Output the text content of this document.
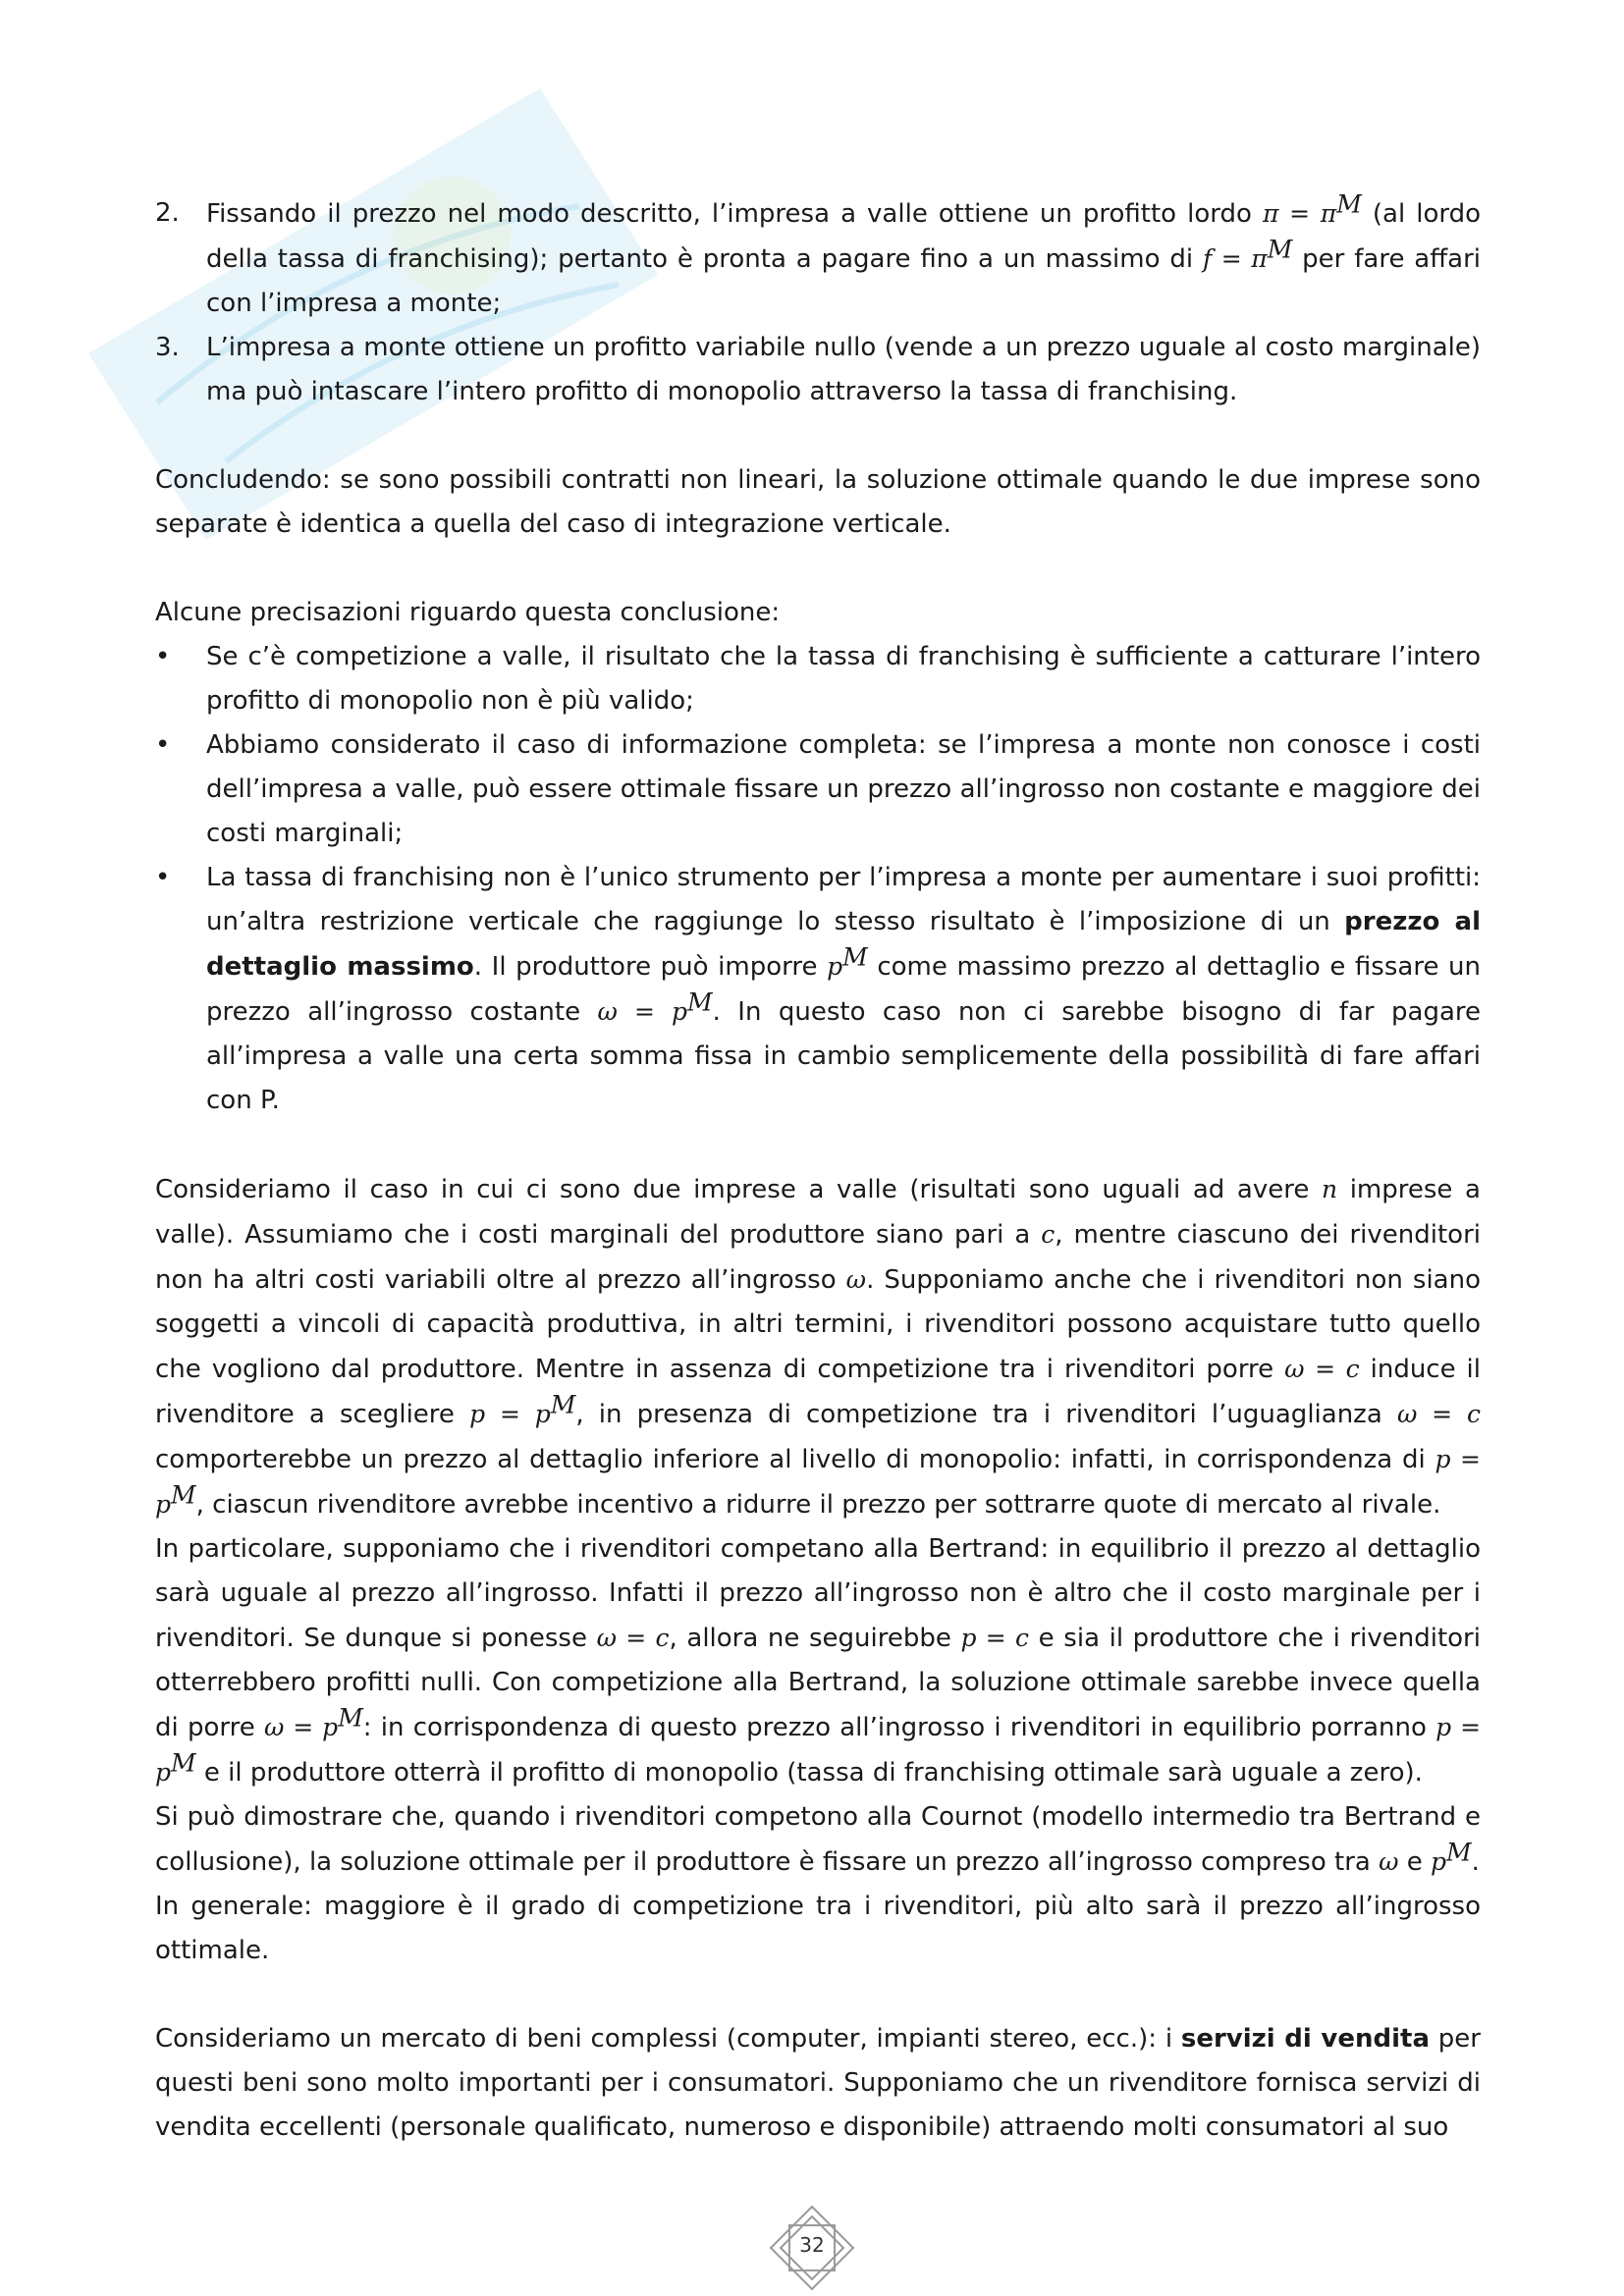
2. Fissando il prezzo nel modo descritto, l’impresa a valle ottiene un profitto lordo $\pi = \pi^M$ (al lordo della tassa di franchising); pertanto è pronta a pagare fino a un massimo di $f = \pi^M$ per fare affari con l’impresa a monte;

3. L’impresa a monte ottiene un profitto variabile nullo (vende a un prezzo uguale al costo marginale) ma può intascare l’intero profitto di monopolio attraverso la tassa di franchising.

Concludendo: se sono possibili contratti non lineari, la soluzione ottimale quando le due imprese sono separate è identica a quella del caso di integrazione verticale.

Alcune precisazioni riguardo questa conclusione:

• Se c’è competizione a valle, il risultato che la tassa di franchising è sufficiente a catturare l’intero profitto di monopolio non è più valido;

• Abbiamo considerato il caso di informazione completa: se l’impresa a monte non conosce i costi dell’impresa a valle, può essere ottimale fissare un prezzo all’ingrosso non costante e maggiore dei costi marginali;

• La tassa di franchising non è l’unico strumento per l’impresa a monte per aumentare i suoi profitti: un’altra restrizione verticale che raggiunge lo stesso risultato è l’imposizione di un prezzo al dettaglio massimo. Il produttore può imporre $p^M$ come massimo prezzo al dettaglio e fissare un prezzo all’ingrosso costante $\omega = p^M$. In questo caso non ci sarebbe bisogno di far pagare all’impresa a valle una certa somma fissa in cambio semplicemente della possibilità di fare affari con P.

Consideriamo il caso in cui ci sono due imprese a valle (risultati sono uguali ad avere n imprese a valle). Assumiamo che i costi marginali del produttore siano pari a c, mentre ciascuno dei rivenditori non ha altri costi variabili oltre al prezzo all’ingrosso ω. Supponiamo anche che i rivenditori non siano soggetti a vincoli di capacità produttiva, in altri termini, i rivenditori possono acquistare tutto quello che vogliono dal produttore. Mentre in assenza di competizione tra i rivenditori porre ω = c induce il rivenditore a scegliere $p = p^M$, in presenza di competizione tra i rivenditori l’uguaglianza ω = c comporterebbe un prezzo al dettaglio inferiore al livello di monopolio: infatti, in corrispondenza di $p = p^M$, ciascun rivenditore avrebbe incentivo a ridurre il prezzo per sottrarre quote di mercato al rivale.

In particolare, supponiamo che i rivenditori competano alla Bertrand: in equilibrio il prezzo al dettaglio sarà uguale al prezzo all’ingrosso. Infatti il prezzo all’ingrosso non è altro che il costo marginale per i rivenditori. Se dunque si ponesse ω = c, allora ne seguirebbe p = c e sia il produttore che i rivenditori otterrebbero profitti nulli. Con competizione alla Bertrand, la soluzione ottimale sarebbe invece quella di porre $\omega = p^M$: in corrispondenza di questo prezzo all’ingrosso i rivenditori in equilibrio porranno $p = p^M$ e il produttore otterrà il profitto di monopolio (tassa di franchising ottimale sarà uguale a zero).

Si può dimostrare che, quando i rivenditori competono alla Cournot (modello intermedio tra Bertrand e collusione), la soluzione ottimale per il produttore è fissare un prezzo all’ingrosso compreso tra ω e $p^M$.

In generale: maggiore è il grado di competizione tra i rivenditori, più alto sarà il prezzo all’ingrosso ottimale.

Consideriamo un mercato di beni complessi (computer, impianti stereo, ecc.): i servizi di vendita per questi beni sono molto importanti per i consumatori. Supponiamo che un rivenditore fornisca servizi di vendita eccellenti (personale qualificato, numeroso e disponibile) attraendo molti consumatori al suo

32
